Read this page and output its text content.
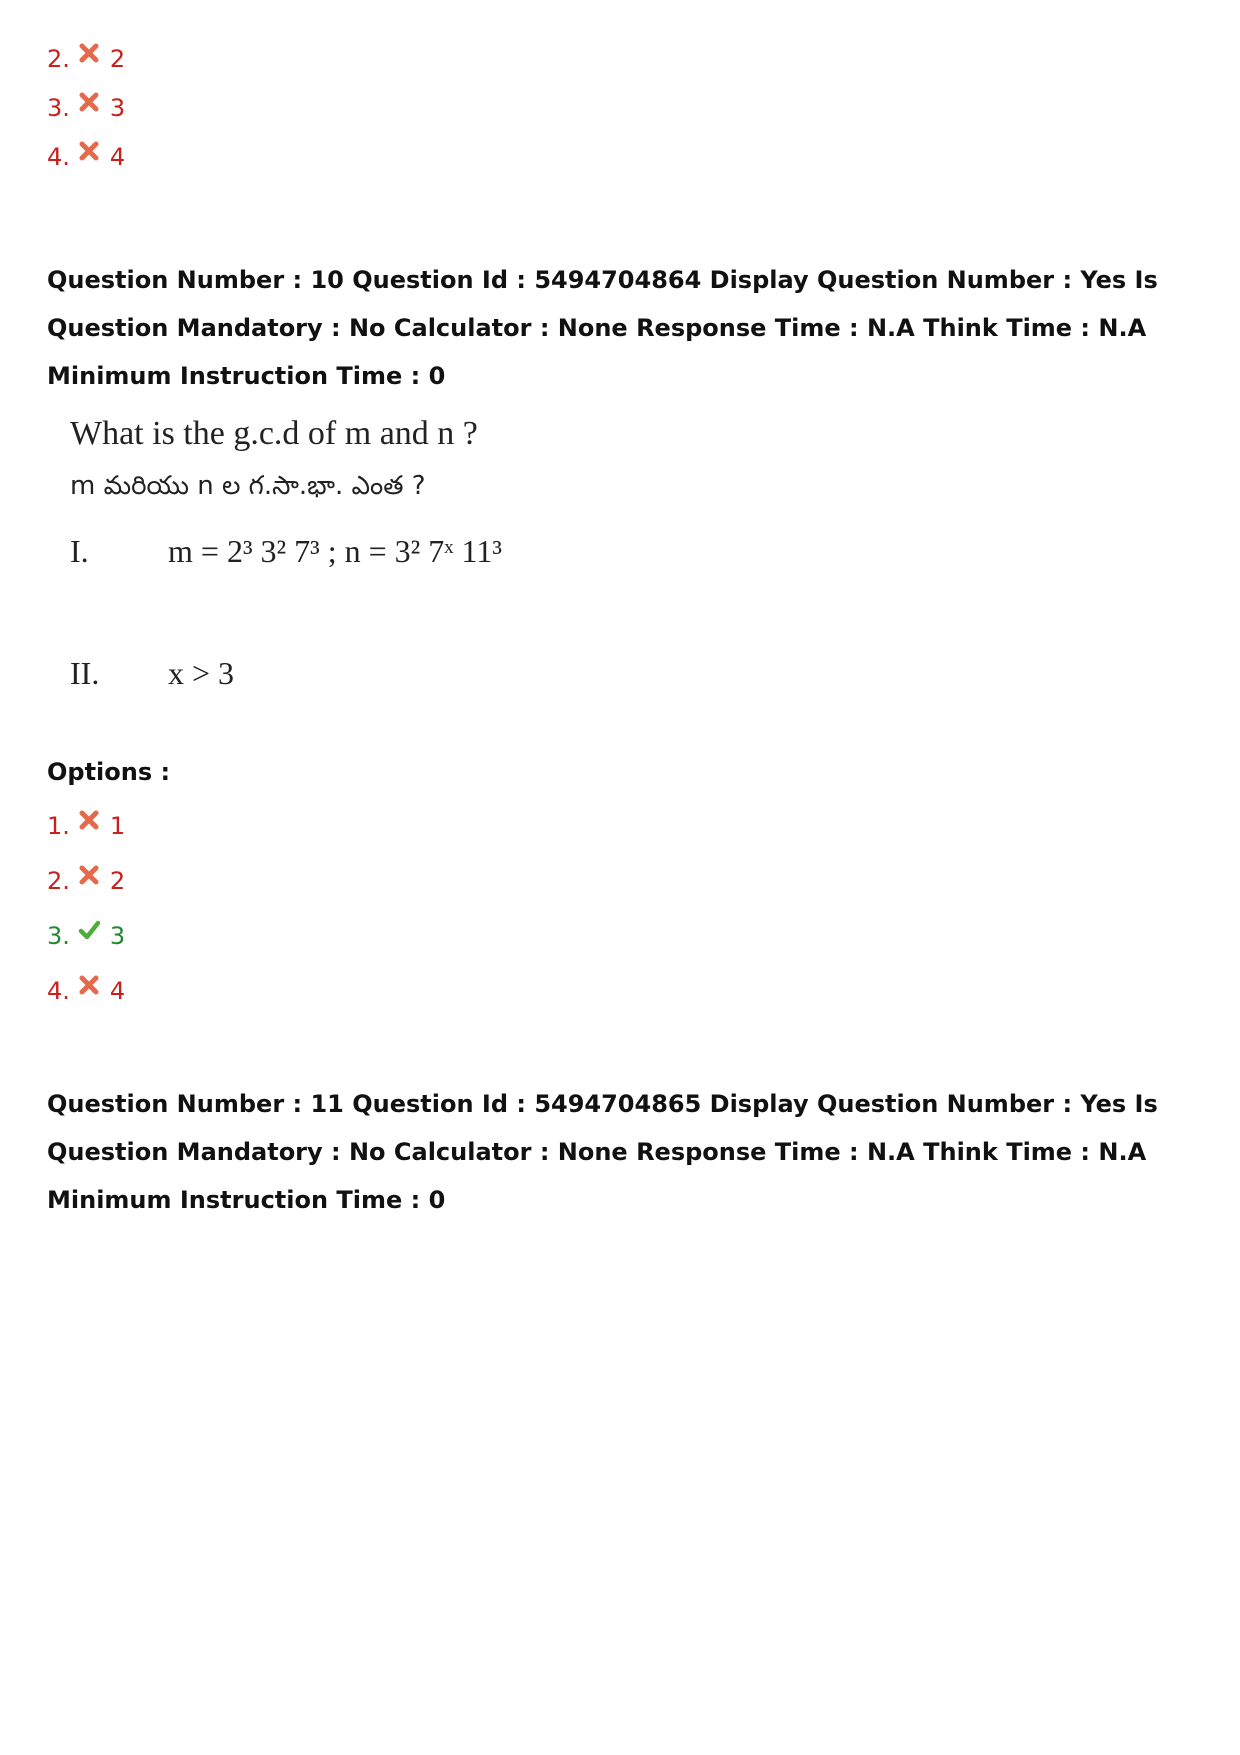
2. 2
3. 3
4. 4
Question Number : 10 Question Id : 5494704864 Display Question Number : Yes Is Question Mandatory : No Calculator : None Response Time : N.A Think Time : N.A Minimum Instruction Time : 0
What is the g.c.d of m and n ?
m మరియు n ల గ.సా.భా. ఎంత ?
I. m = 2³ 3² 7³ ; n = 3² 7ˣ 11³
II. x > 3
Options :
1. 1
2. 2
3. 3
4. 4
Question Number : 11 Question Id : 5494704865 Display Question Number : Yes Is Question Mandatory : No Calculator : None Response Time : N.A Think Time : N.A Minimum Instruction Time : 0
